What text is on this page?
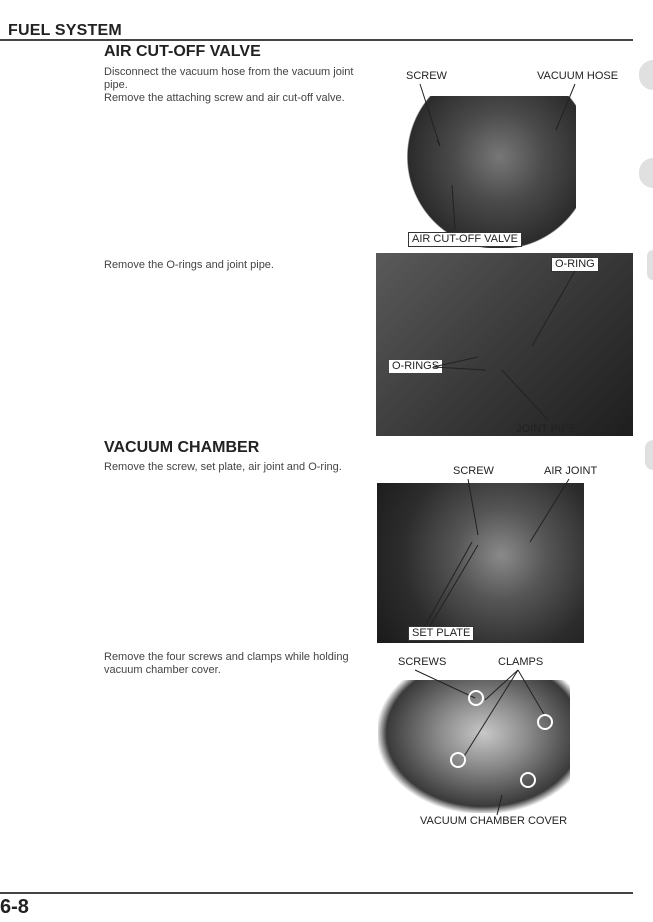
FUEL SYSTEM
AIR CUT-OFF VALVE
Disconnect the vacuum hose from the vacuum joint
pipe.
Remove the attaching screw and air cut-off valve.
SCREW	VACUUM HOSE
AIR CUT-OFF VALVE
Remove the O-rings and joint pipe.	O-RING
O-RINGS
JOINT PIPE
VACUUM CHAMBER
Remove the screw, set plate, air joint and O-ring.	SCREW	AIR JOINT
SET PLATE
Remove the four screws and clamps while holding
vacuum chamber cover.
SCREWS	CLAMPS
VACUUM CHAMBER COVER
6-8
